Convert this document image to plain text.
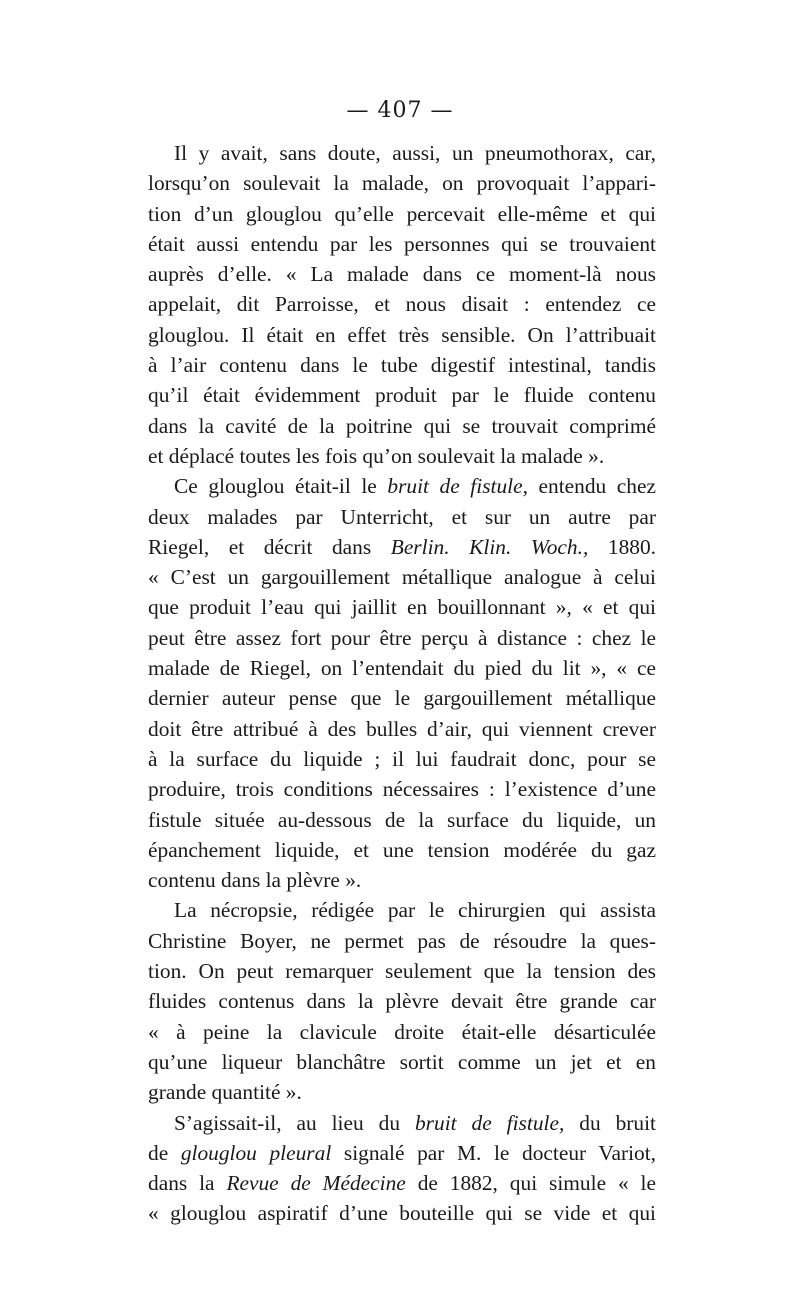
— 407 —
Il y avait, sans doute, aussi, un pneumothorax, car,
lorsqu’on soulevait la malade, on provoquait l’appari-
tion d’un glouglou qu’elle percevait elle-même et qui
était aussi entendu par les personnes qui se trouvaient
auprès d’elle. « La malade dans ce moment-là nous
appelait, dit Parroisse, et nous disait : entendez ce
glouglou. Il était en effet très sensible. On l’attribuait
à l’air contenu dans le tube digestif intestinal, tandis
qu’il était évidemment produit par le fluide contenu
dans la cavité de la poitrine qui se trouvait comprimé
et déplacé toutes les fois qu’on soulevait la malade ».
Ce glouglou était-il le bruit de fistule, entendu chez
deux malades par Unterricht, et sur un autre par
Riegel, et décrit dans Berlin. Klin. Woch., 1880.
« C’est un gargouillement métallique analogue à celui
que produit l’eau qui jaillit en bouillonnant », « et qui
peut être assez fort pour être perçu à distance : chez le
malade de Riegel, on l’entendait du pied du lit », « ce
dernier auteur pense que le gargouillement métallique
doit être attribué à des bulles d’air, qui viennent crever
à la surface du liquide ; il lui faudrait donc, pour se
produire, trois conditions nécessaires : l’existence d’une
fistule située au-dessous de la surface du liquide, un
épanchement liquide, et une tension modérée du gaz
contenu dans la plèvre ».
La nécropsie, rédigée par le chirurgien qui assista
Christine Boyer, ne permet pas de résoudre la ques-
tion. On peut remarquer seulement que la tension des
fluides contenus dans la plèvre devait être grande car
« à peine la clavicule droite était-elle désarticulée
qu’une liqueur blanchâtre sortit comme un jet et en
grande quantité ».
S’agissait-il, au lieu du bruit de fistule, du bruit
de glouglou pleural signalé par M. le docteur Variot,
dans la Revue de Médecine de 1882, qui simule « le
« glouglou aspiratif d’une bouteille qui se vide et qui
